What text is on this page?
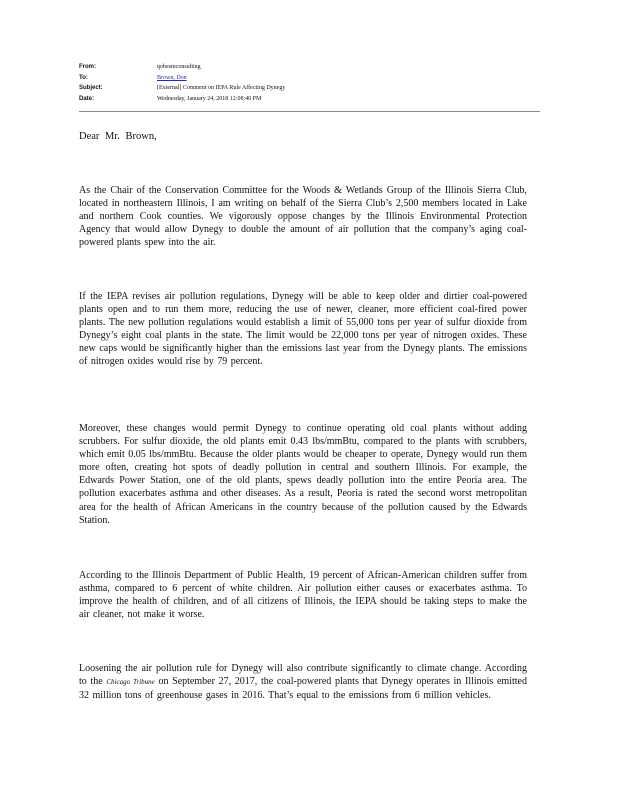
From:	qobesmconsulting
To:	Brown, Don
Subject:	[External] Comment on IEPA Rule Affecting Dynegy
Date:	Wednesday, January 24, 2018 12:08:40 PM
Dear Mr. Brown,

As the Chair of the Conservation Committee for the Woods & Wetlands Group of the Illinois Sierra Club, located in northeastern Illinois, I am writing on behalf of the Sierra Club’s 2,500 members located in Lake and northern Cook counties. We vigorously oppose changes by the Illinois Environmental Protection Agency that would allow Dynegy to double the amount of air pollution that the company’s aging coal-powered plants spew into the air.

If the IEPA revises air pollution regulations, Dynegy will be able to keep older and dirtier coal-powered plants open and to run them more, reducing the use of newer, cleaner, more efficient coal-fired power plants. The new pollution regulations would establish a limit of 55,000 tons per year of sulfur dioxide from Dynegy’s eight coal plants in the state. The limit would be 22,000 tons per year of nitrogen oxides. These new caps would be significantly higher than the emissions last year from the Dynegy plants. The emissions of nitrogen oxides would rise by 79 percent.

Moreover, these changes would permit Dynegy to continue operating old coal plants without adding scrubbers. For sulfur dioxide, the old plants emit 0.43 lbs/mmBtu, compared to the plants with scrubbers, which emit 0.05 lbs/mmBtu. Because the older plants would be cheaper to operate, Dynegy would run them more often, creating hot spots of deadly pollution in central and southern Illinois. For example, the Edwards Power Station, one of the old plants, spews deadly pollution into the entire Peoria area. The pollution exacerbates asthma and other diseases. As a result, Peoria is rated the second worst metropolitan area for the health of African Americans in the country because of the pollution caused by the Edwards Station.

According to the Illinois Department of Public Health, 19 percent of African-American children suffer from asthma, compared to 6 percent of white children. Air pollution either causes or exacerbates asthma. To improve the health of children, and of all citizens of Illinois, the IEPA should be taking steps to make the air cleaner, not make it worse.

Loosening the air pollution rule for Dynegy will also contribute significantly to climate change. According to the Chicago Tribune on September 27, 2017, the coal-powered plants that Dynegy operates in Illinois emitted 32 million tons of greenhouse gases in 2016. That’s equal to the emissions from 6 million vehicles.
